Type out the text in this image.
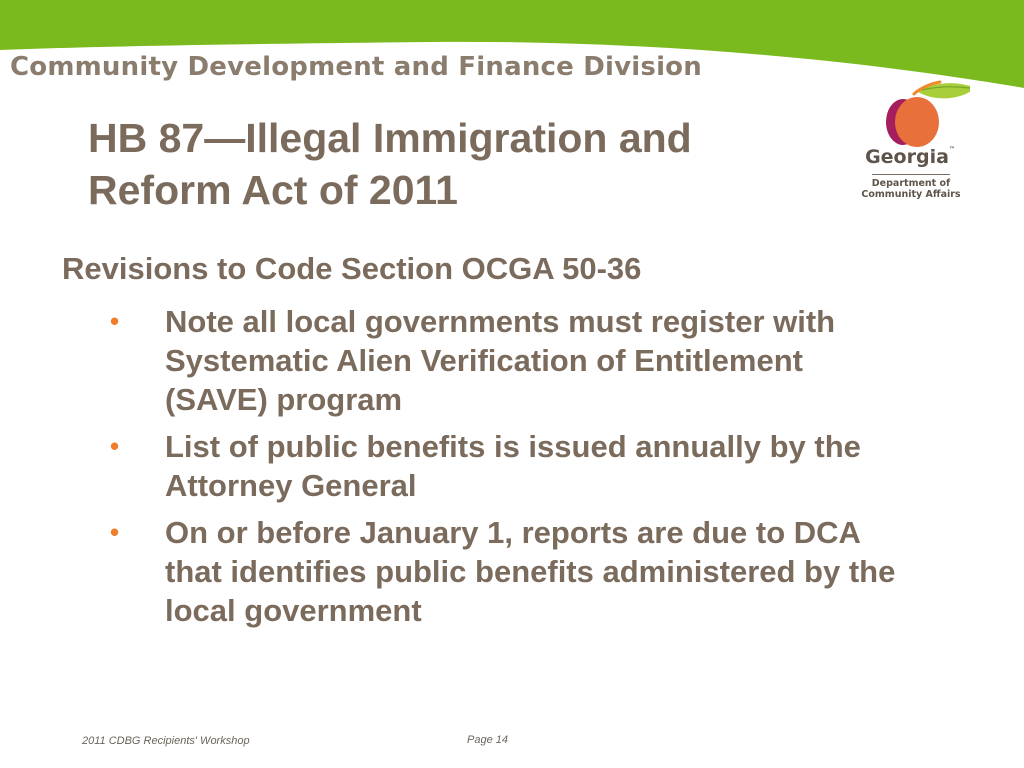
Community Development and Finance Division
HB 87—Illegal Immigration and
Reform Act of 2011
Georgia™
Department of
Community Affairs
Revisions to Code Section OCGA 50-36
• Note all local governments must register with Systematic Alien Verification of Entitlement (SAVE) program
• List of public benefits is issued annually by the Attorney General
• On or before January 1, reports are due to DCA that identifies public benefits administered by the local government
2011 CDBG Recipients' Workshop	Page 14
